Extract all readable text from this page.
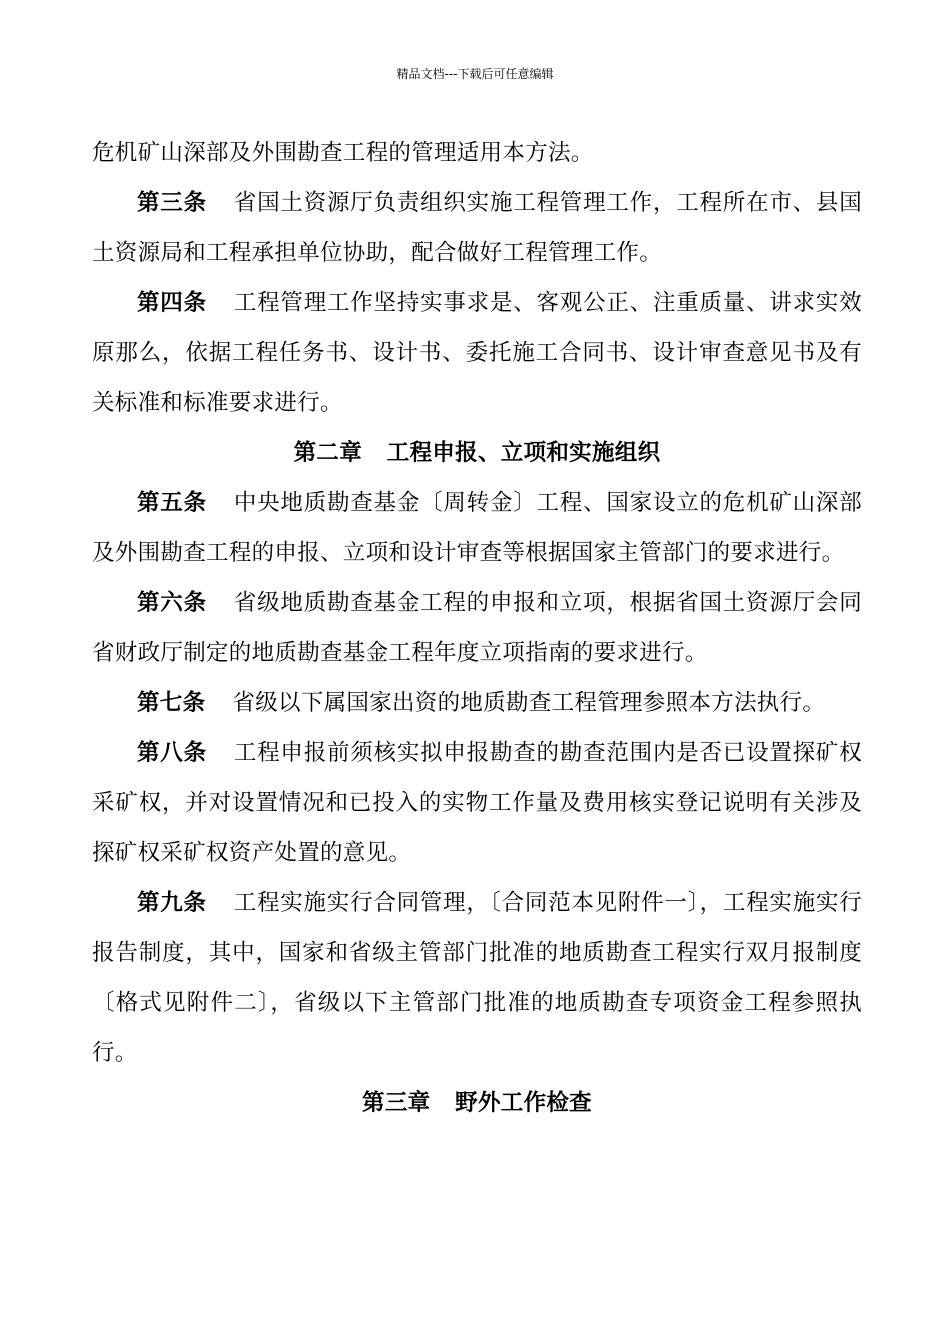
精品文档---下载后可任意编辑

危机矿山深部及外围勘查工程的管理适用本方法。

第三条 省国土资源厅负责组织实施工程管理工作，工程所在市、县国土资源局和工程承担单位协助，配合做好工程管理工作。

第四条 工程管理工作坚持实事求是、客观公正、注重质量、讲求实效原那么，依据工程任务书、设计书、委托施工合同书、设计审查意见书及有关标准和标准要求进行。

第二章 工程申报、立项和实施组织

第五条 中央地质勘查基金〔周转金〕工程、国家设立的危机矿山深部及外围勘查工程的申报、立项和设计审查等根据国家主管部门的要求进行。

第六条 省级地质勘查基金工程的申报和立项，根据省国土资源厅会同省财政厅制定的地质勘查基金工程年度立项指南的要求进行。

第七条 省级以下属国家出资的地质勘查工程管理参照本方法执行。

第八条 工程申报前须核实拟申报勘查的勘查范围内是否已设置探矿权采矿权，并对设置情况和已投入的实物工作量及费用核实登记说明有关涉及探矿权采矿权资产处置的意见。

第九条 工程实施实行合同管理，〔合同范本见附件一〕，工程实施实行报告制度，其中，国家和省级主管部门批准的地质勘查工程实行双月报制度〔格式见附件二〕，省级以下主管部门批准的地质勘查专项资金工程参照执行。

第三章 野外工作检查
